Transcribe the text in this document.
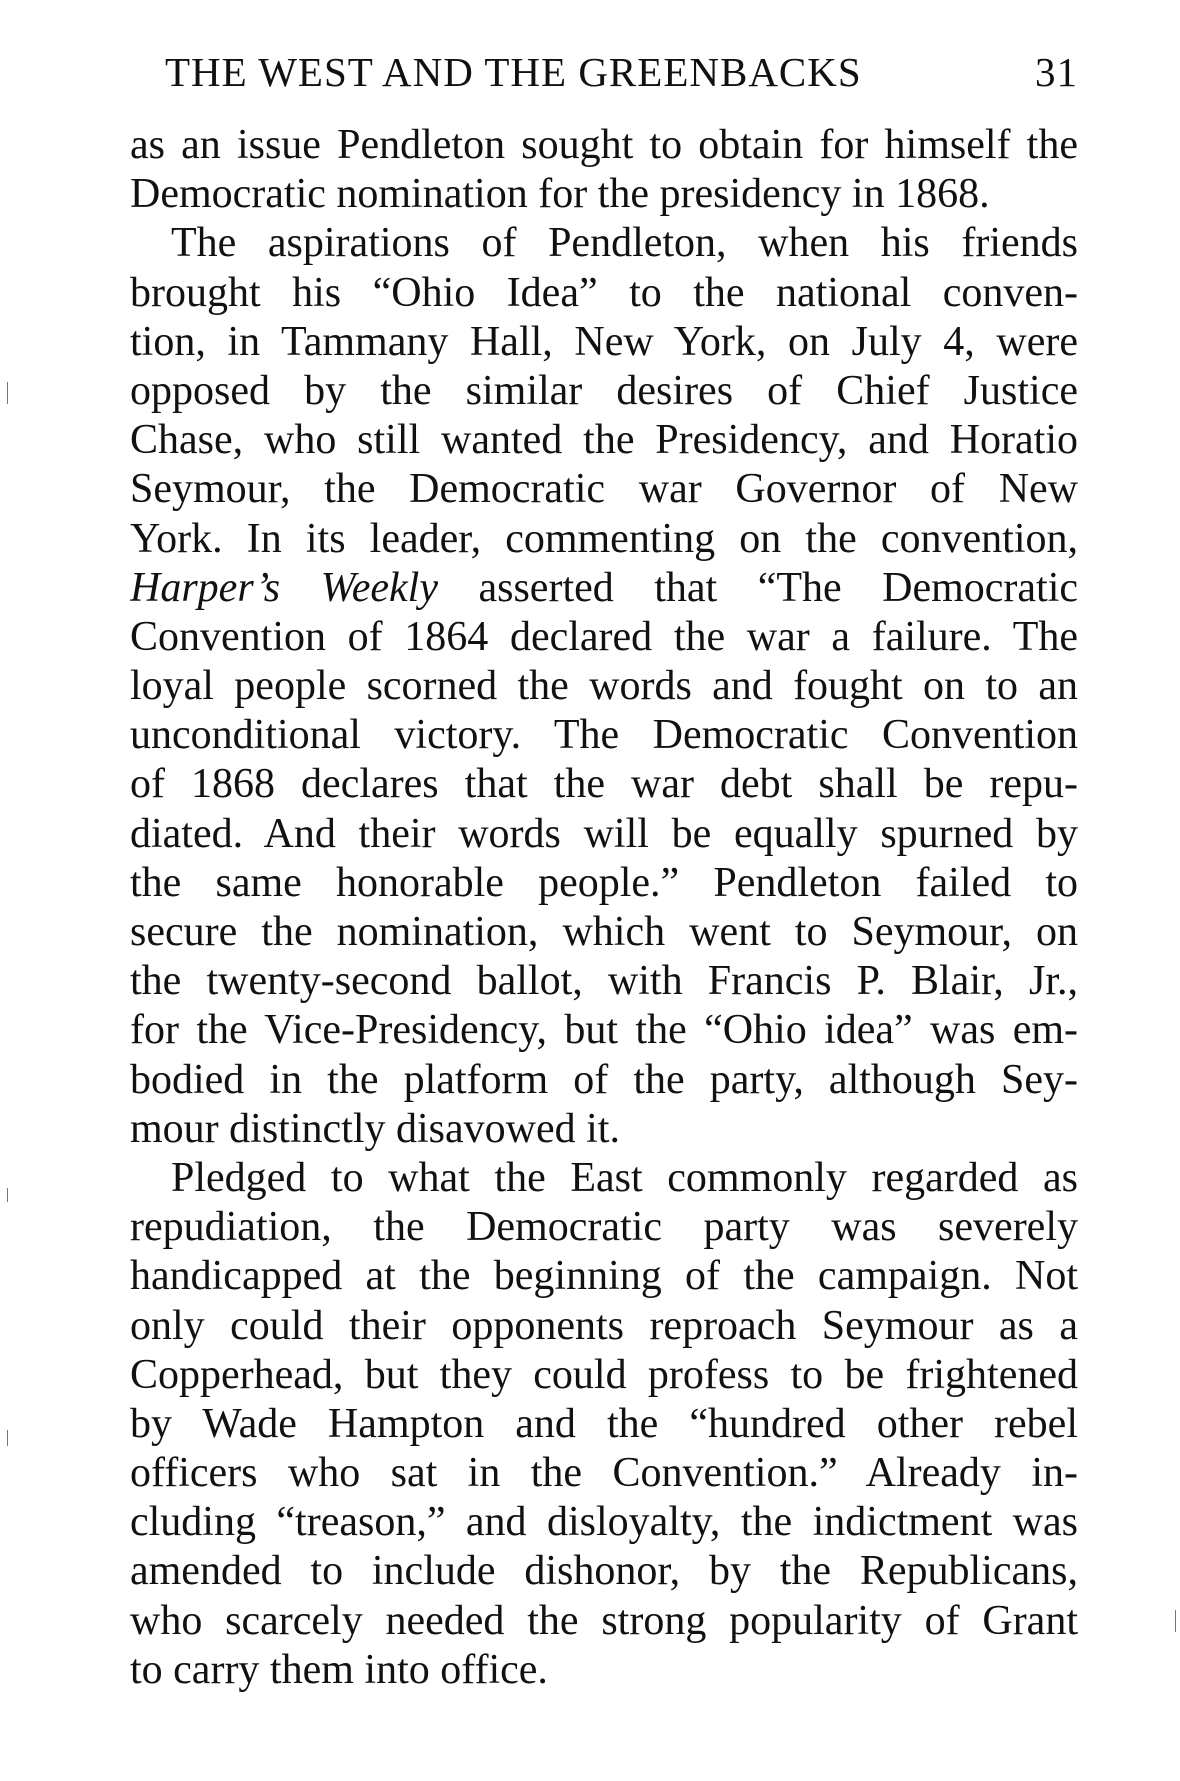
THE WEST AND THE GREENBACKS	31
as an issue Pendleton sought to obtain for himself the
Democratic nomination for the presidency in 1868.
The aspirations of Pendleton, when his friends
brought his “Ohio Idea” to the national conven-
tion, in Tammany Hall, New York, on July 4, were
opposed by the similar desires of Chief Justice
Chase, who still wanted the Presidency, and Horatio
Seymour, the Democratic war Governor of New
York. In its leader, commenting on the convention,
Harper’s Weekly asserted that “The Democratic
Convention of 1864 declared the war a failure. The
loyal people scorned the words and fought on to an
unconditional victory. The Democratic Convention
of 1868 declares that the war debt shall be repu-
diated. And their words will be equally spurned by
the same honorable people.” Pendleton failed to
secure the nomination, which went to Seymour, on
the twenty-second ballot, with Francis P. Blair, Jr.,
for the Vice-Presidency, but the “Ohio idea” was em-
bodied in the platform of the party, although Sey-
mour distinctly disavowed it.
Pledged to what the East commonly regarded as
repudiation, the Democratic party was severely
handicapped at the beginning of the campaign. Not
only could their opponents reproach Seymour as a
Copperhead, but they could profess to be frightened
by Wade Hampton and the “hundred other rebel
officers who sat in the Convention.” Already in-
cluding “treason,” and disloyalty, the indictment was
amended to include dishonor, by the Republicans,
who scarcely needed the strong popularity of Grant
to carry them into office.
